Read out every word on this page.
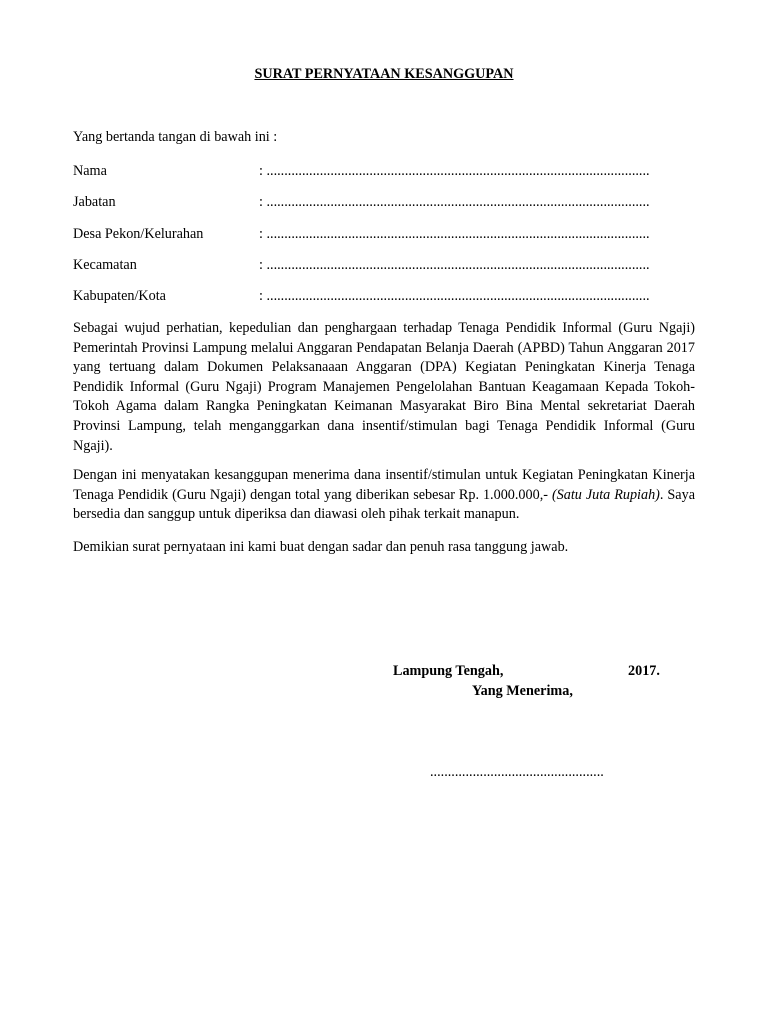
SURAT PERNYATAAN KESANGGUPAN
Yang bertanda tangan di bawah ini :
Nama	: ............................................................................................................
Jabatan	: ............................................................................................................
Desa Pekon/Kelurahan	: ............................................................................................................
Kecamatan	: ............................................................................................................
Kabupaten/Kota	: ............................................................................................................
Sebagai wujud perhatian, kepedulian dan penghargaan terhadap Tenaga Pendidik Informal (Guru Ngaji) Pemerintah Provinsi Lampung melalui Anggaran Pendapatan Belanja Daerah (APBD) Tahun Anggaran 2017 yang tertuang dalam Dokumen Pelaksanaaan Anggaran (DPA) Kegiatan Peningkatan Kinerja Tenaga Pendidik Informal (Guru Ngaji) Program Manajemen Pengelolahan Bantuan Keagamaan Kepada Tokoh-Tokoh Agama dalam Rangka Peningkatan Keimanan Masyarakat Biro Bina Mental sekretariat Daerah Provinsi Lampung, telah menganggarkan dana insentif/stimulan bagi Tenaga Pendidik Informal (Guru Ngaji).
Dengan ini menyatakan kesanggupan menerima dana insentif/stimulan untuk Kegiatan Peningkatan Kinerja Tenaga Pendidik (Guru Ngaji) dengan total yang diberikan sebesar Rp. 1.000.000,- (Satu Juta Rupiah). Saya bersedia dan sanggup untuk diperiksa dan diawasi oleh pihak terkait manapun.
Demikian surat pernyataan ini kami buat dengan sadar dan penuh rasa tanggung jawab.
Lampung Tengah,	2017.
Yang Menerima,
.................................................
